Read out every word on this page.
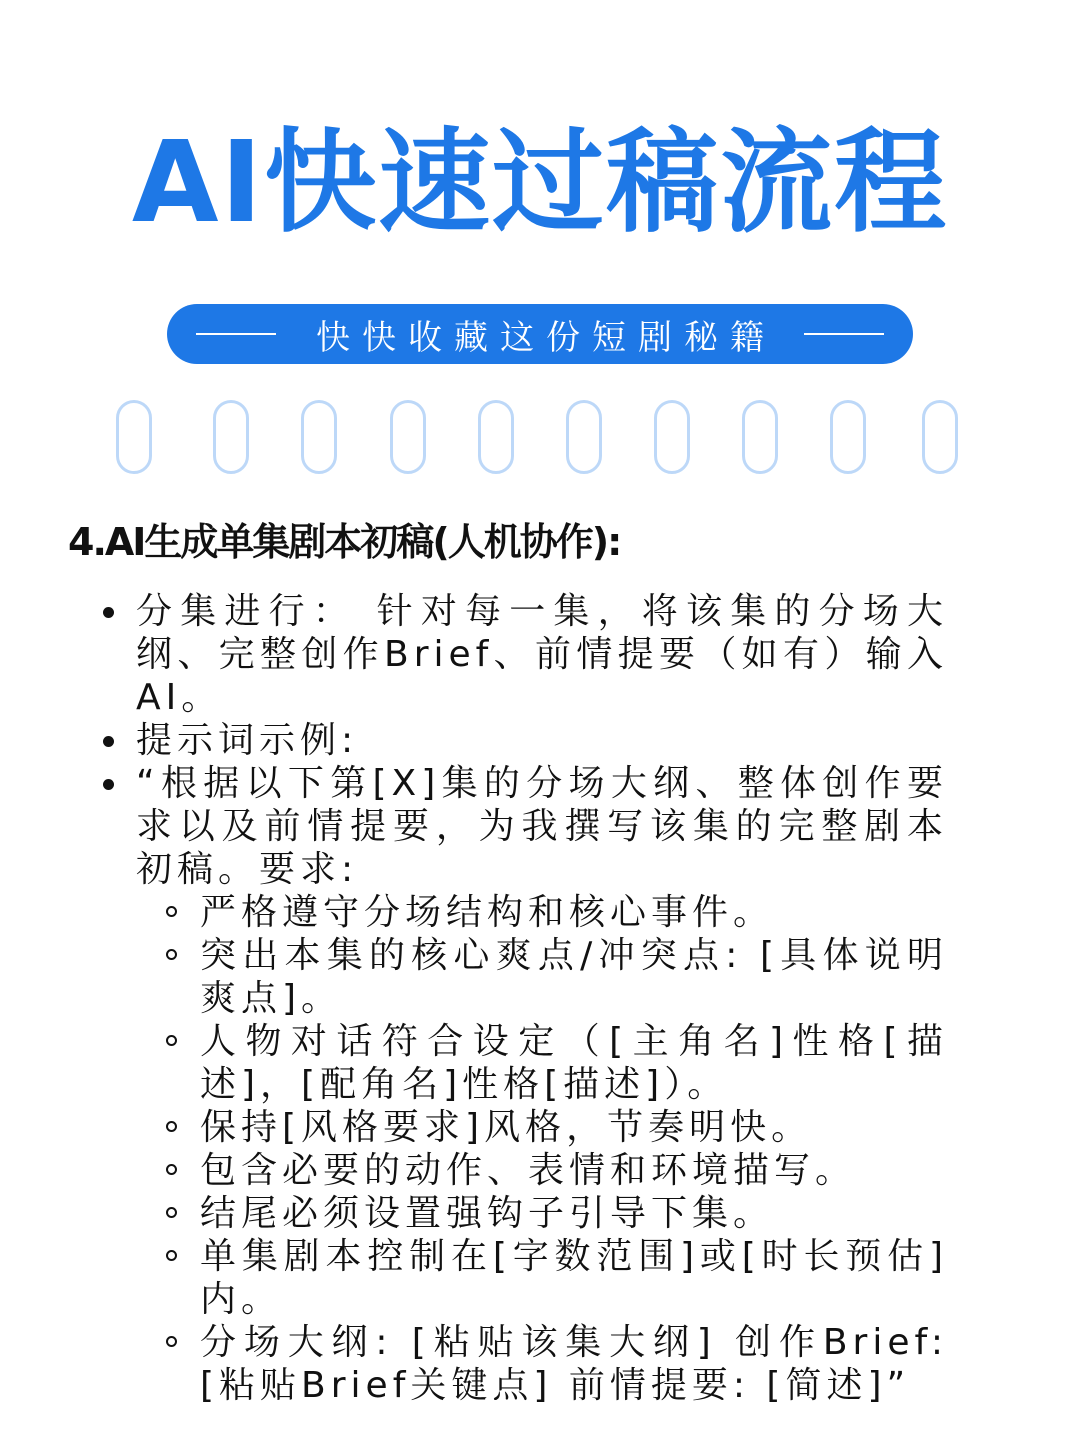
AI快速过稿流程
快快收藏这份短剧秘籍
4.AI生成单集剧本初稿(人机协作):
分集进行： 针对每一集，将该集的分场大纲、完整创作Brief、前情提要（如有）输入AI。
提示词示例:
“根据以下第[X]集的分场大纲、整体创作要求以及前情提要，为我撰写该集的完整剧本初稿。要求:
严格遵守分场结构和核心事件。
突出本集的核心爽点/冲突点: [具体说明爽点]。
人物对话符合设定（[主角名]性格[描述]，[配角名]性格[描述]）。
保持[风格要求]风格，节奏明快。
包含必要的动作、表情和环境描写。
结尾必须设置强钩子引导下集。
单集剧本控制在[字数范围]或[时长预估]内。
分场大纲: [粘贴该集大纲] 创作Brief: [粘贴Brief关键点] 前情提要: [简述]”
